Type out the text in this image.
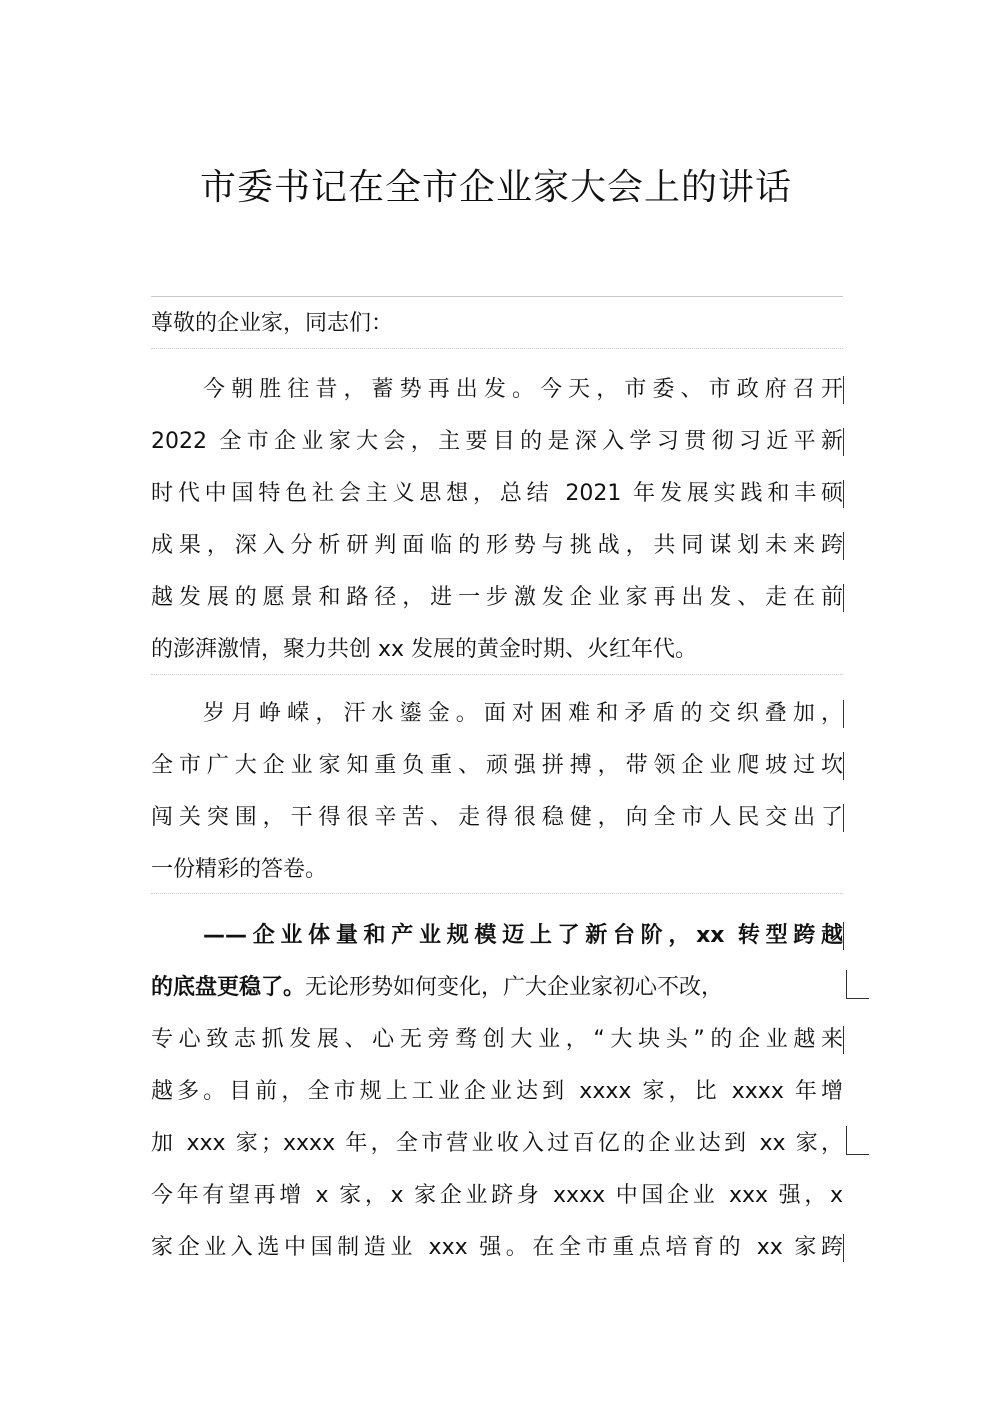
市委书记在全市企业家大会上的讲话
尊敬的企业家，同志们：
今朝胜往昔，蓄势再出发。今天，市委、市政府召开
2022 全市企业家大会，主要目的是深入学习贯彻习近平新
时代中国特色社会主义思想，总结 2021 年发展实践和丰硕
成果，深入分析研判面临的形势与挑战，共同谋划未来跨
越发展的愿景和路径，进一步激发企业家再出发、走在前
的澎湃激情，聚力共创 xx 发展的黄金时期、火红年代。
岁月峥嵘，汗水鎏金。面对困难和矛盾的交织叠加，
全市广大企业家知重负重、顽强拼搏，带领企业爬坡过坎
闯关突围，干得很辛苦、走得很稳健，向全市人民交出了
一份精彩的答卷。
——企业体量和产业规模迈上了新台阶，xx 转型跨越
的底盘更稳了。无论形势如何变化，广大企业家初心不改，
专心致志抓发展、心无旁骛创大业，“大块头”的企业越来
越多。目前，全市规上工业企业达到 xxxx 家，比 xxxx 年增
加 xxx 家；xxxx 年，全市营业收入过百亿的企业达到 xx 家，
今年有望再增 x 家，x 家企业跻身 xxxx 中国企业 xxx 强，x
家企业入选中国制造业 xxx 强。在全市重点培育的 xx 家跨
